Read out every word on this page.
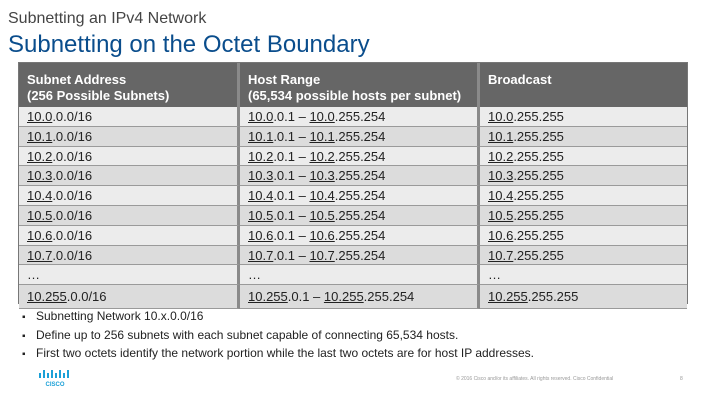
Subnetting an IPv4 Network
Subnetting on the Octet Boundary
Subnet Address
(256 Possible Subnets)
Host Range
(65,534 possible hosts per subnet)
Broadcast
10.0.0.0/16	10.0.0.1 – 10.0.255.254	10.0.255.255
10.1.0.0/16	10.1.0.1 – 10.1.255.254	10.1.255.255
10.2.0.0/16	10.2.0.1 – 10.2.255.254	10.2.255.255
10.3.0.0/16	10.3.0.1 – 10.3.255.254	10.3.255.255
10.4.0.0/16	10.4.0.1 – 10.4.255.254	10.4.255.255
10.5.0.0/16	10.5.0.1 – 10.5.255.254	10.5.255.255
10.6.0.0/16	10.6.0.1 – 10.6.255.254	10.6.255.255
10.7.0.0/16	10.7.0.1 – 10.7.255.254	10.7.255.255
…	…	…
10.255.0.0/16	10.255.0.1 – 10.255.255.254	10.255.255.255
▪ Subnetting Network 10.x.0.0/16
▪ Define up to 256 subnets with each subnet capable of connecting 65,534 hosts.
▪ First two octets identify the network portion while the last two octets are for host IP addresses.
CISCO
© 2016 Cisco and/or its affiliates. All rights reserved. Cisco Confidential	8
